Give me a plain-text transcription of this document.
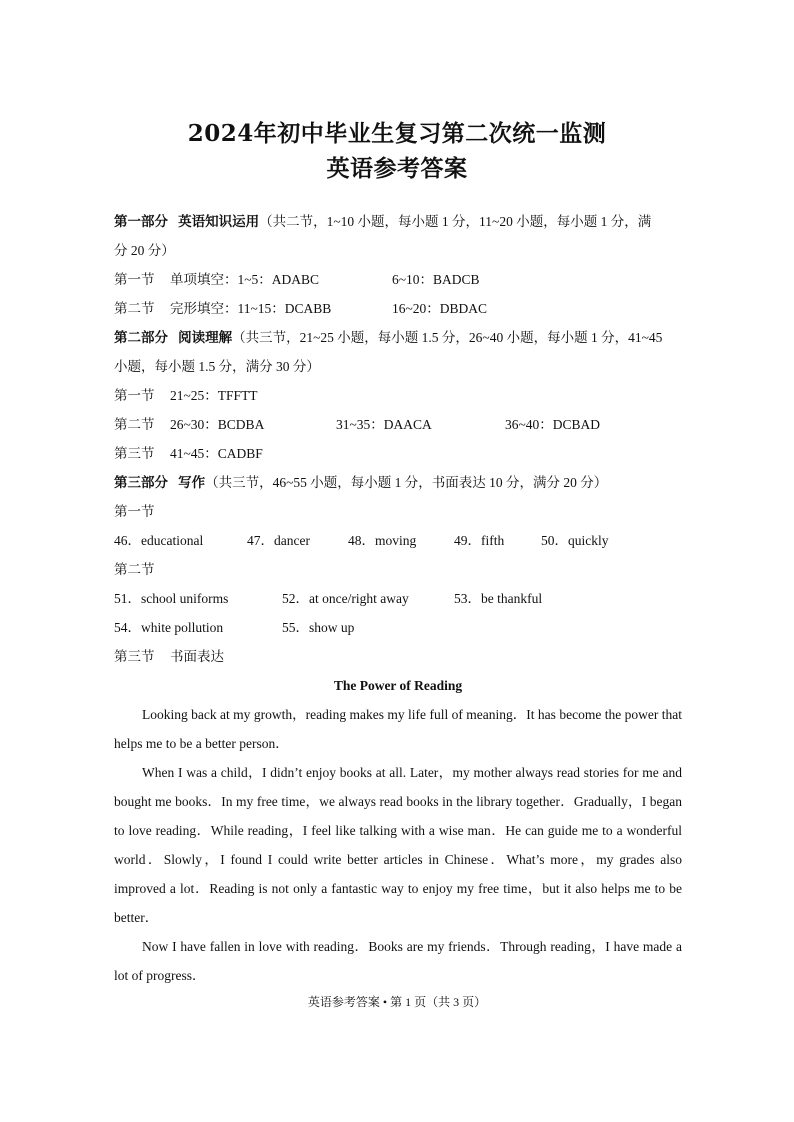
2024年初中毕业生复习第二次统一监测
英语参考答案
第一部分 英语知识运用（共二节，1~10 小题，每小题 1 分，11~20 小题，每小题 1 分，满
分 20 分）
第一节 单项填空：1~5：ADABC	6~10：BADCB
第二节 完形填空：11~15：DCABB	16~20：DBDAC
第二部分 阅读理解（共三节，21~25 小题，每小题 1.5 分，26~40 小题，每小题 1 分，41~45
小题，每小题 1.5 分，满分 30 分）
第一节 21~25：TFFTT
第二节 26~30：BCDBA	31~35：DAACA	36~40：DCBAD
第三节 41~45：CADBF
第三部分 写作（共三节，46~55 小题，每小题 1 分，书面表达 10 分，满分 20 分）
第一节
46．educational	47．dancer	48．moving	49．fifth	50．quickly
第二节
51．school uniforms	52．at once/right away	53．be thankful
54．white pollution	55．show up
第三节 书面表达
The Power of Reading
Looking back at my growth，reading makes my life full of meaning．It has become the power that helps me to be a better person．
When I was a child，I didn’t enjoy books at all. Later，my mother always read stories for me and bought me books．In my free time，we always read books in the library together．Gradually，I began to love reading．While reading，I feel like talking with a wise man．He can guide me to a wonderful world．Slowly，I found I could write better articles in Chinese．What’s more，my grades also improved a lot．Reading is not only a fantastic way to enjoy my free time，but it also helps me to be better．
Now I have fallen in love with reading．Books are my friends．Through reading，I have made a lot of progress．
英语参考答案 • 第 1 页（共 3 页）
